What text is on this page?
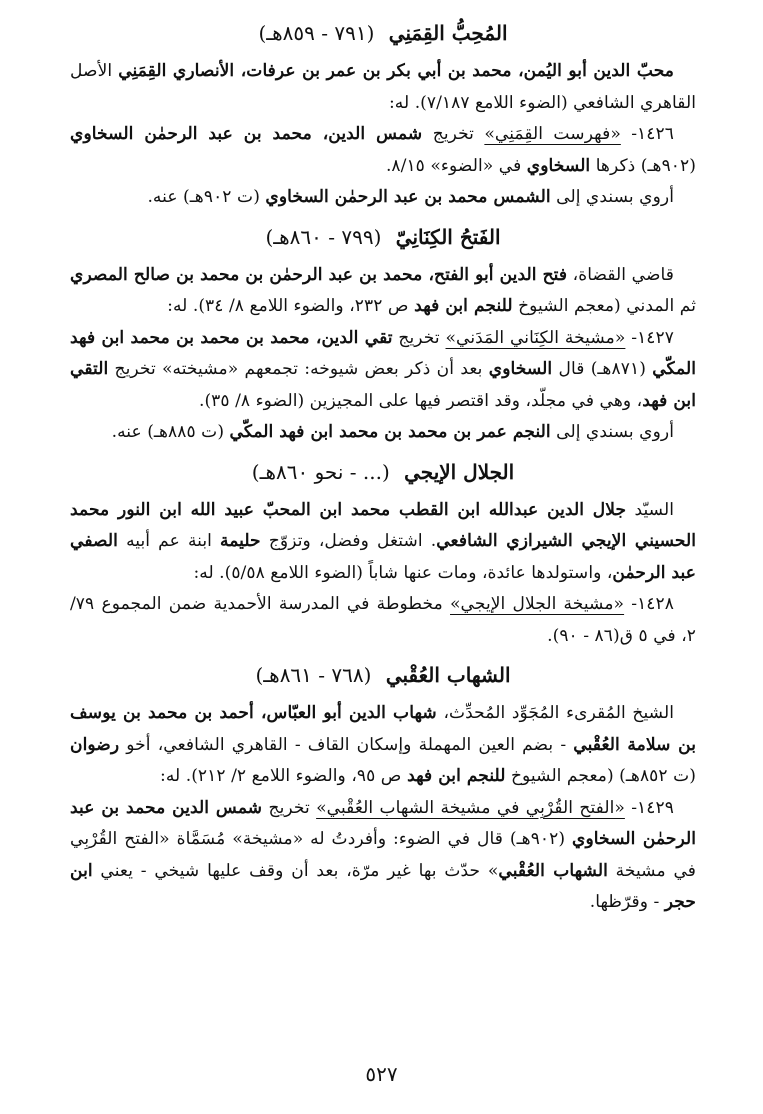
المُحِبُّ القِمَنِي (٧٩١ - ٨٥٩هـ)

محبّ الدين أبو اليُمن، محمد بن أبي بكر بن عمر بن عرفات، الأنصاري القِمَنِي الأصل القاهري الشافعي (الضوء اللامع ٧/١٨٧). له:

١٤٢٦- «فهرست القِمَنِي» تخريج شمس الدين، محمد بن عبد الرحمٰن السخاوي (٩٠٢هـ) ذكرها السخاوي في «الضوء» ٨/١٥.

أروي بسندي إلى الشمس محمد بن عبد الرحمٰن السخاوي (ت ٩٠٢هـ) عنه.

الفَتحُ الكِنَانِيّ (٧٩٩ - ٨٦٠هـ)

قاضي القضاة، فتح الدين أبو الفتح، محمد بن عبد الرحمٰن بن محمد بن صالح المصري ثم المدني (معجم الشيوخ للنجم ابن فهد ص ٢٣٢، والضوء اللامع ٨/ ٣٤). له:

١٤٢٧- «مشيخة الكِنَاني المَدَني» تخريج تقي الدين، محمد بن محمد بن محمد ابن فهد المكّي (٨٧١هـ) قال السخاوي بعد أن ذكر بعض شيوخه: تجمعهم «مشيخته» تخريج التقي ابن فهد، وهي في مجلّد، وقد اقتصر فيها على المجيزين (الضوء ٨/ ٣٥).

أروي بسندي إلى النجم عمر بن محمد بن محمد ابن فهد المكّي (ت ٨٨٥هـ) عنه.

الجلال الإيجي (... - نحو ٨٦٠هـ)

السيّد جلال الدين عبدالله ابن القطب محمد ابن المحبّ عبيد الله ابن النور محمد الحسيني الإيجي الشيرازي الشافعي. اشتغل وفضل، وتزوّج حليمة ابنة عم أبيه الصفي عبد الرحمٰن، واستولدها عائدة، ومات عنها شاباً (الضوء اللامع ٥/٥٨). له:

١٤٢٨- «مشيخة الجلال الإيجي» مخطوطة في المدرسة الأحمدية ضمن المجموع ٧٩/ ٢، في ٥ ق(٨٦ - ٩٠).

الشهاب العُقْبي (٧٦٨ - ٨٦١هـ)

الشيخ المُقرىء المُجَوِّد المُحدِّث، شهاب الدين أبو العبّاس، أحمد بن محمد بن يوسف بن سلامة العُقْبي - بضم العين المهملة وإسكان القاف - القاهري الشافعي، أخو رضوان (ت ٨٥٢هـ) (معجم الشيوخ للنجم ابن فهد ص ٩٥، والضوء اللامع ٢/ ٢١٢). له:

١٤٢٩- «الفتح القُرْبِي في مشيخة الشهاب العُقْبي» تخريج شمس الدين محمد بن عبد الرحمٰن السخاوي (٩٠٢هـ) قال في الضوء: وأفردتُ له «مشيخة» مُسَمَّاة «الفتح القُرْبِي في مشيخة الشهاب العُقْبي» حدّث بها غير مرّة، بعد أن وقف عليها شيخي - يعني ابن حجر - وقرّظها.

٥٢٧
